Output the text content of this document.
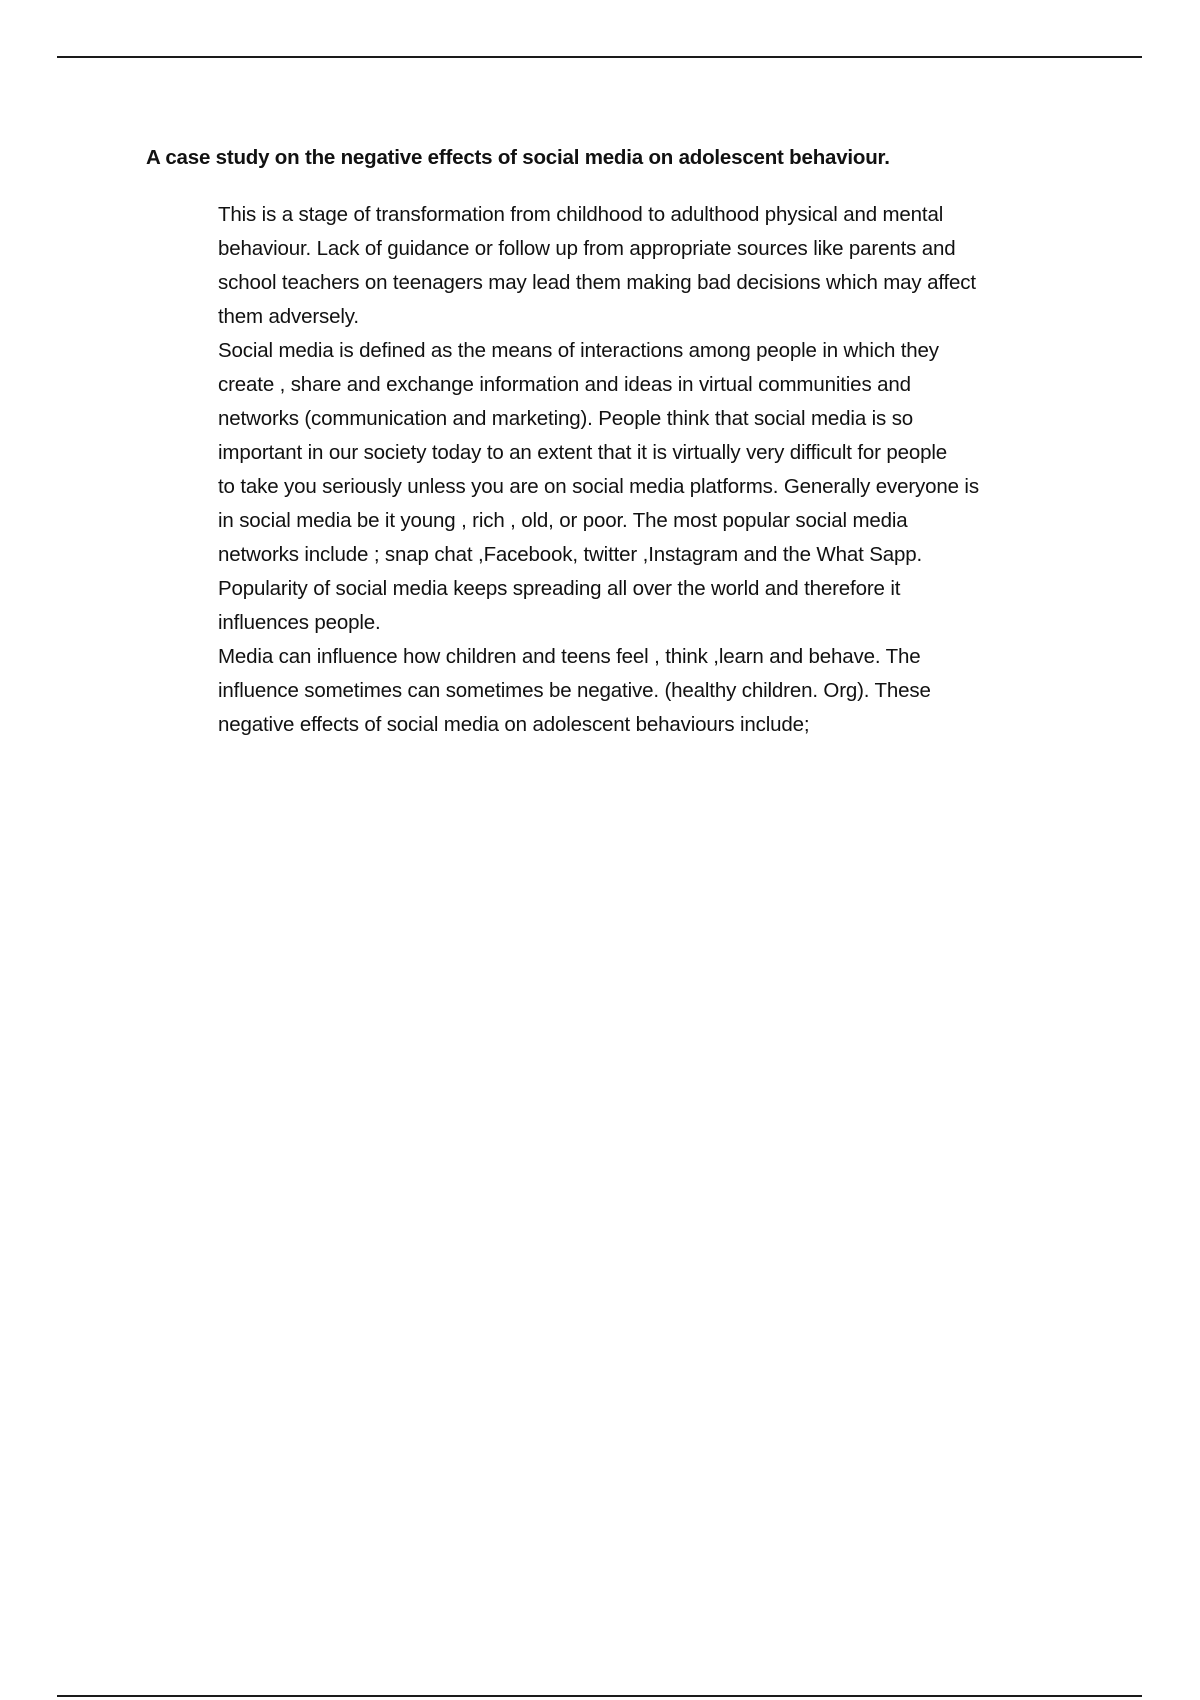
A case study on the negative effects of social media on adolescent behaviour.

This is a stage of transformation from childhood to adulthood physical and mental
behaviour. Lack of guidance or follow up from appropriate sources like parents and
school teachers on teenagers may lead them making bad decisions which may affect
them adversely.

Social media is defined as the means of interactions among people in which they
create , share and exchange information and ideas in virtual communities and
networks (communication and marketing). People think that social media is so
important in our society today to an extent that it is virtually very difficult for people
to take you seriously unless you are on social media platforms. Generally everyone is
in social media be it young , rich , old, or poor. The most popular social media
networks include ; snap chat ,Facebook, twitter ,Instagram and the What Sapp.
Popularity of social media keeps spreading all over the world and therefore it
influences people.

Media can influence how children and teens feel , think ,learn and behave. The
influence sometimes can sometimes be negative. (healthy children. Org). These
negative effects of social media on adolescent behaviours include;
